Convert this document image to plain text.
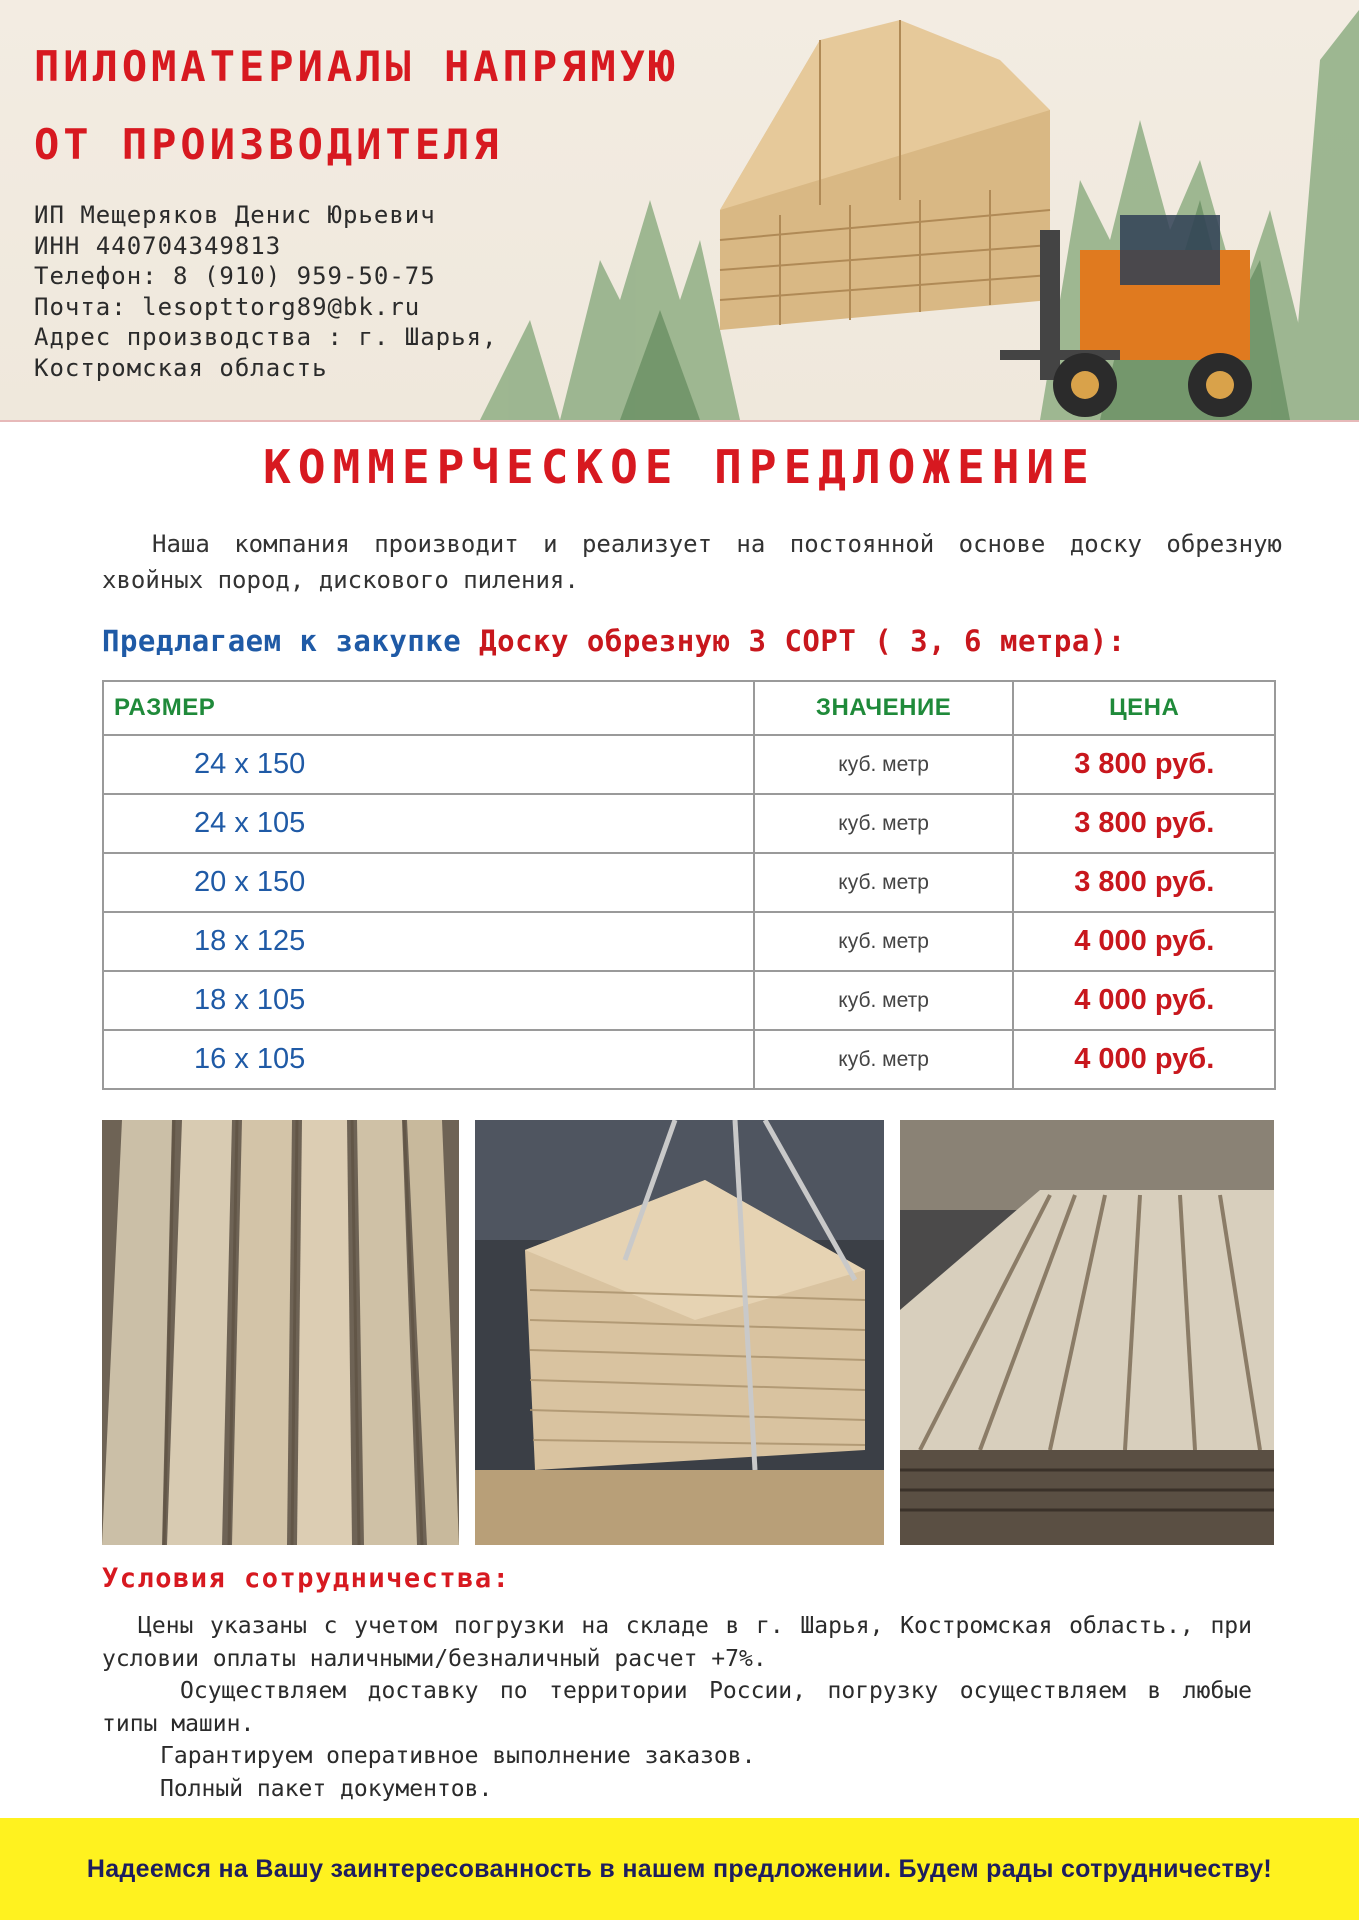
ПИЛОМАТЕРИАЛЫ НАПРЯМУЮ
ОТ ПРОИЗВОДИТЕЛЯ
ИП Мещеряков Денис Юрьевич
ИНН 440704349813
Телефон: 8 (910) 959-50-75
Почта: lesopttorg89@bk.ru
Адрес производства : г. Шарья,
Костромская область
КОММЕРЧЕСКОЕ ПРЕДЛОЖЕНИЕ
Наша компания производит и реализует на постоянной основе доску обрезную хвойных пород, дискового пиления.
Предлагаем к закупке Доску обрезную 3 СОРТ ( 3, 6 метра):
РАЗМЕР	ЗНАЧЕНИЕ	ЦЕНА
24 х 150	куб. метр	3 800 руб.
24 х 105	куб. метр	3 800 руб.
20 х 150	куб. метр	3 800 руб.
18 х 125	куб. метр	4 000 руб.
18 х 105	куб. метр	4 000 руб.
16 х 105	куб. метр	4 000 руб.
Условия сотрудничества:

Цены указаны с учетом погрузки на складе в г. Шарья, Костромская область., при условии оплаты наличными/безналичный расчет +7%.

Осуществляем доставку по территории России, погрузку осуществляем в любые типы машин.

Гарантируем оперативное выполнение заказов.

Полный пакет документов.

Надеемся на Вашу заинтересованность в нашем предложении. Будем рады сотрудничеству!
